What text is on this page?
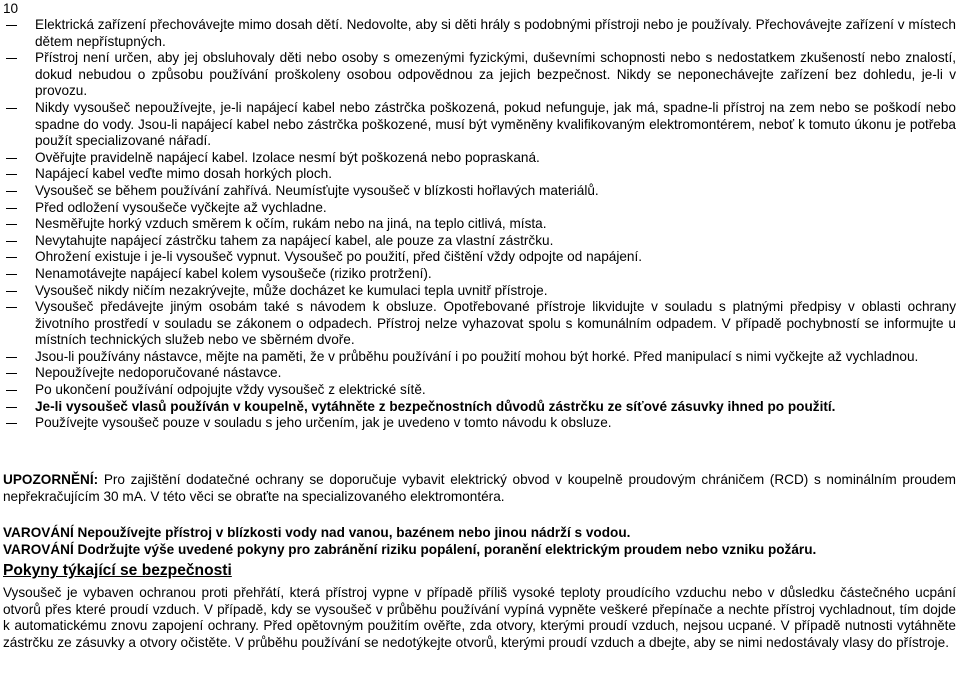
10
Elektrická zařízení přechovávejte mimo dosah dětí. Nedovolte, aby si děti hrály s podobnými přístroji nebo je používaly. Přechovávejte zařízení v místech dětem nepřístupných.
Přístroj není určen, aby jej obsluhovaly děti nebo osoby s omezenými fyzickými, duševními schopnosti nebo s nedostatkem zkušeností nebo znalostí, dokud nebudou o způsobu používání proškoleny osobou odpovědnou za jejich bezpečnost. Nikdy se neponechávejte zařízení bez dohledu, je-li v provozu.
Nikdy vysoušeč nepoužívejte, je-li napájecí kabel nebo zástrčka poškozená, pokud nefunguje, jak má, spadne-li přístroj na zem nebo se poškodí nebo spadne do vody. Jsou-li napájecí kabel nebo zástrčka poškozené, musí být vyměněny kvalifikovaným elektromontérem, neboť k tomuto úkonu je potřeba použít specializované nářadí.
Ověřujte pravidelně napájecí kabel. Izolace nesmí být poškozená nebo popraskaná.
Napájecí kabel veďte mimo dosah horkých ploch.
Vysoušeč se během používání zahřívá. Neumísťujte vysoušeč v blízkosti hořlavých materiálů.
Před odložení vysoušeče vyčkejte až vychladne.
Nesměřujte horký vzduch směrem k očím, rukám nebo na jiná, na teplo citlivá, místa.
Nevytahujte napájecí zástrčku tahem za napájecí kabel, ale pouze za vlastní zástrčku.
Ohrožení existuje i je-li vysoušeč vypnut. Vysoušeč po použití, před čištění vždy odpojte od napájení.
Nenamotávejte napájecí kabel kolem vysoušeče (riziko protržení).
Vysoušeč nikdy ničím nezakrývejte, může docházet ke kumulaci tepla uvnitř přístroje.
Vysoušeč předávejte jiným osobám také s návodem k obsluze. Opotřebované přístroje likvidujte v souladu s platnými předpisy v oblasti ochrany životního prostředí v souladu se zákonem o odpadech. Přístroj nelze vyhazovat spolu s komunálním odpadem. V případě pochybností se informujte u místních technických služeb nebo ve sběrném dvoře.
Jsou-li používány nástavce, mějte na paměti, že v průběhu používání i po použití mohou být horké. Před manipulací s nimi vyčkejte až vychladnou.
Nepoužívejte nedoporučované nástavce.
Po ukončení používání odpojujte vždy vysoušeč z elektrické sítě.
Je-li vysoušeč vlasů používán v koupelně, vytáhněte z bezpečnostních důvodů zástrčku ze síťové zásuvky ihned po použití.
Používejte vysoušeč pouze v souladu s jeho určením, jak je uvedeno v tomto návodu k obsluze.
UPOZORNĚNÍ: Pro zajištění dodatečné ochrany se doporučuje vybavit elektrický obvod v koupelně proudovým chráničem (RCD) s nominálním proudem nepřekračujícím 30 mA. V této věci se obraťte na specializovaného elektromontéra.
VAROVÁNÍ Nepoužívejte přístroj v blízkosti vody nad vanou, bazénem nebo jinou nádrží s vodou.
VAROVÁNÍ Dodržujte výše uvedené pokyny pro zabránění riziku popálení, poranění elektrickým proudem nebo vzniku požáru.
Pokyny týkající se bezpečnosti
Vysoušeč je vybaven ochranou proti přehřátí, která přístroj vypne v případě příliš vysoké teploty proudícího vzduchu nebo v důsledku částečného ucpání otvorů přes které proudí vzduch. V případě, kdy se vysoušeč v průběhu používání vypíná vypněte veškeré přepínače a nechte přístroj vychladnout, tím dojde k automatickému znovu zapojení ochrany. Před opětovným použitím ověřte, zda otvory, kterými proudí vzduch, nejsou ucpané. V případě nutnosti vytáhněte zástrčku ze zásuvky a otvory očistěte. V průběhu používání se nedotýkejte otvorů, kterými proudí vzduch a dbejte, aby se nimi nedostávaly vlasy do přístroje.
